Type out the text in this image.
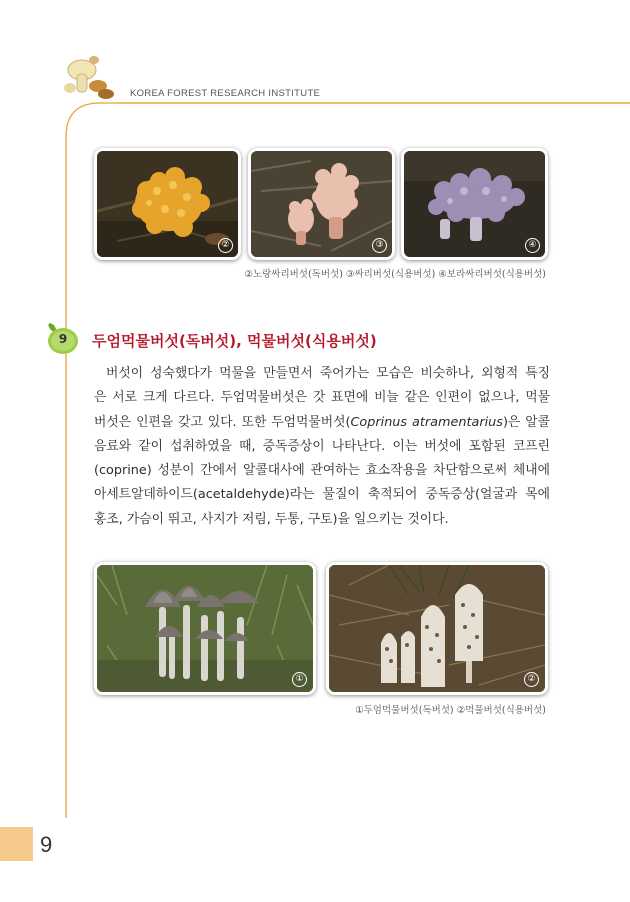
KOREA FOREST RESEARCH INSTITUTE
②	③	④
②노랑싸리버섯(독버섯) ③싸리버섯(식용버섯) ④보라싸리버섯(식용버섯)
9	두엄먹물버섯(독버섯), 먹물버섯(식용버섯)
버섯이 성숙했다가 먹물을 만들면서 죽어가는 모습은 비슷하나, 외형적 특징
은 서로 크게 다르다. 두엄먹물버섯은 갓 표면에 비늘 같은 인편이 없으나, 먹물
버섯은 인편을 갖고 있다. 또한 두엄먹물버섯(Coprinus atramentarius)은 알콜
음료와 같이 섭취하였을 때, 중독증상이 나타난다. 이는 버섯에 포함된 코프린
(coprine) 성분이 간에서 알콜대사에 관여하는 효소작용을 차단함으로써 체내에
아세트알데하이드(acetaldehyde)라는 물질이 축적되어 중독증상(얼굴과 목에
홍조, 가슴이 뛰고, 사지가 저림, 두통, 구토)을 일으키는 것이다.
①	②
①두엄먹물버섯(독버섯) ②먹물버섯(식용버섯)
9
